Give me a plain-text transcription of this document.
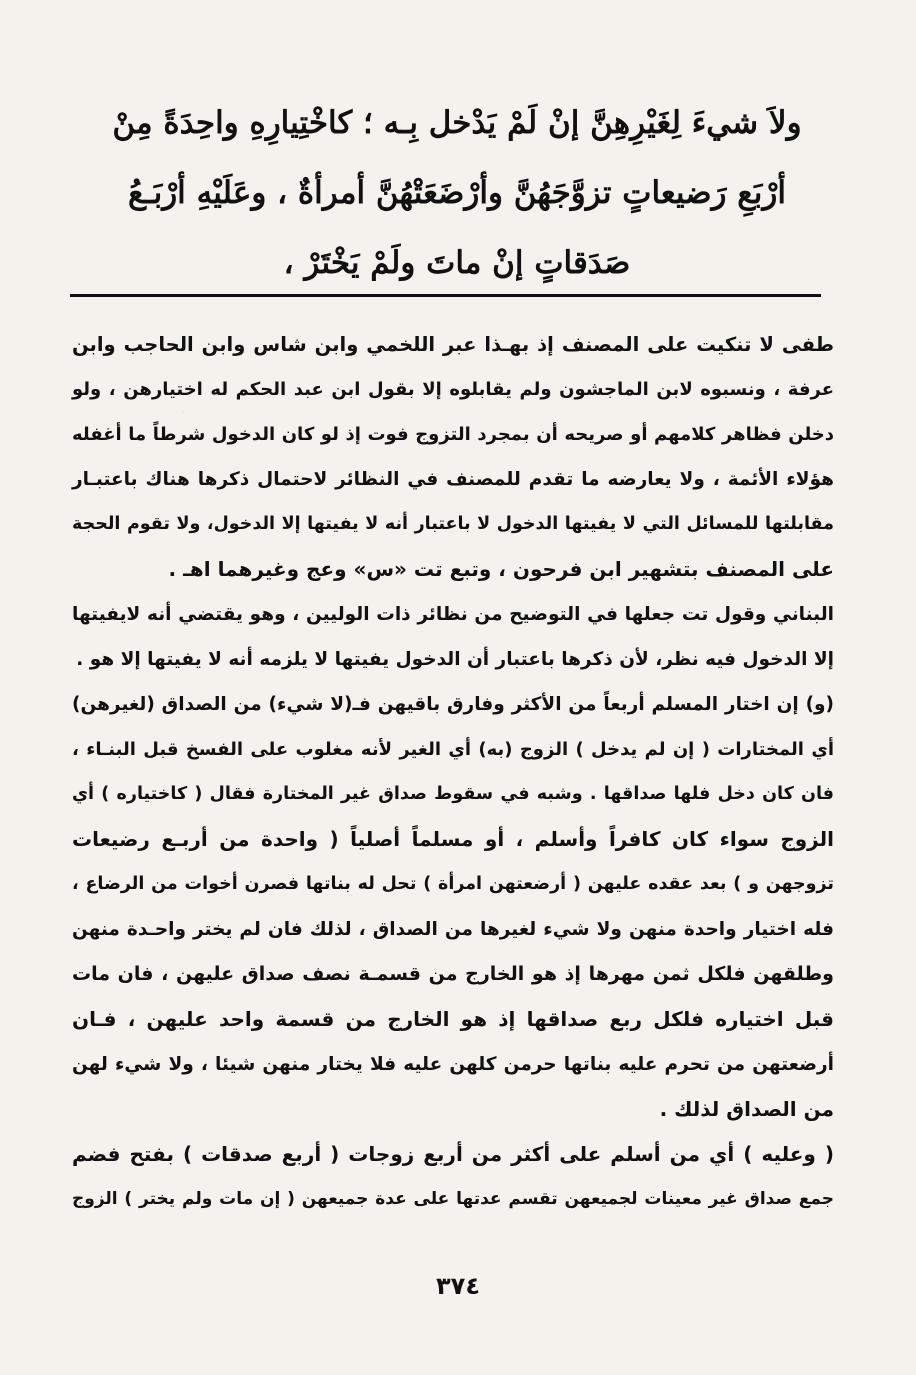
ولاَ شيءَ لِغَيْرِهِنَّ إنْ لَمْ يَدْخل بِـه ؛ كاخْتِيارِهِ واحِدَةً مِنْ
أرْبَعِ رَضيعاتٍ تزوَّجَهُنَّ وأرْضَعَتْهُنَّ أمرأةٌ ، وعَلَيْهِ أرْبَـعُ
صَدَقاتٍ إنْ ماتَ ولَمْ يَخْتَرْ ،
طفى لا تنكيت على المصنف إذ بهـذا عبر اللخمي وابن شاس وابن الحاجب وابن
عرفة ، ونسبوه لابن الماجشون ولم يقابلوه إلا بقول ابن عبد الحكم له اختيارهن ، ولو
دخلن فظاهر كلامهم أو صريحه أن بمجرد التزوج فوت إذ لو كان الدخول شرطاً ما أغفله
هؤلاء الأئمة ، ولا يعارضه ما تقدم للمصنف في النظائر لاحتمال ذكرها هناك باعتبـار
مقابلتها للمسائل التي لا يفيتها الدخول لا باعتبار أنه لا يفيتها إلا الدخول، ولا تقوم الحجة
على المصنف بتشهير ابن فرحون ، وتبع تت «س» وعج وغيرهما اهـ .
البناني وقول تت جعلها في التوضيح من نظائر ذات الوليين ، وهو يقتضي أنه لايفيتها
إلا الدخول فيه نظر، لأن ذكرها باعتبار أن الدخول يفيتها لا يلزمه أنه لا يفيتها إلا هو .
(و) إن اختار المسلم أربعاً من الأكثر وفارق باقيهن فـ(لا شيء) من الصداق (لغيرهن)
أي المختارات ( إن لم يدخل ) الزوج (به) أي الغير لأنه مغلوب على الفسخ قبل البنـاء ،
فان كان دخل فلها صداقها . وشبه في سقوط صداق غير المختارة فقال ( كاختياره ) أي
الزوج سواء كان كافراً وأسلم ، أو مسلماً أصلياً ( واحدة من أربـع رضيعات
تزوجهن و ) بعد عقده عليهن ( أرضعتهن امرأة ) تحل له بناتها فصرن أخوات من الرضاع ،
فله اختيار واحدة منهن ولا شيء لغيرها من الصداق ، لذلك فان لم يختر واحـدة منهن
وطلقهن فلكل ثمن مهرها إذ هو الخارج من قسمـة نصف صداق عليهن ، فان مات
قبل اختياره فلكل ربع صداقها إذ هو الخارج من قسمة واحد عليهن ، فـان
أرضعتهن من تحرم عليه بناتها حرمن كلهن عليه فلا يختار منهن شيئا ، ولا شيء لهن
من الصداق لذلك .
( وعليه ) أي من أسلم على أكثر من أربع زوجات ( أربع صدقات ) بفتح فضم
جمع صداق غير معينات لجميعهن تقسم عدتها على عدة جميعهن ( إن مات ولم يختر ) الزوج
٣٧٤
